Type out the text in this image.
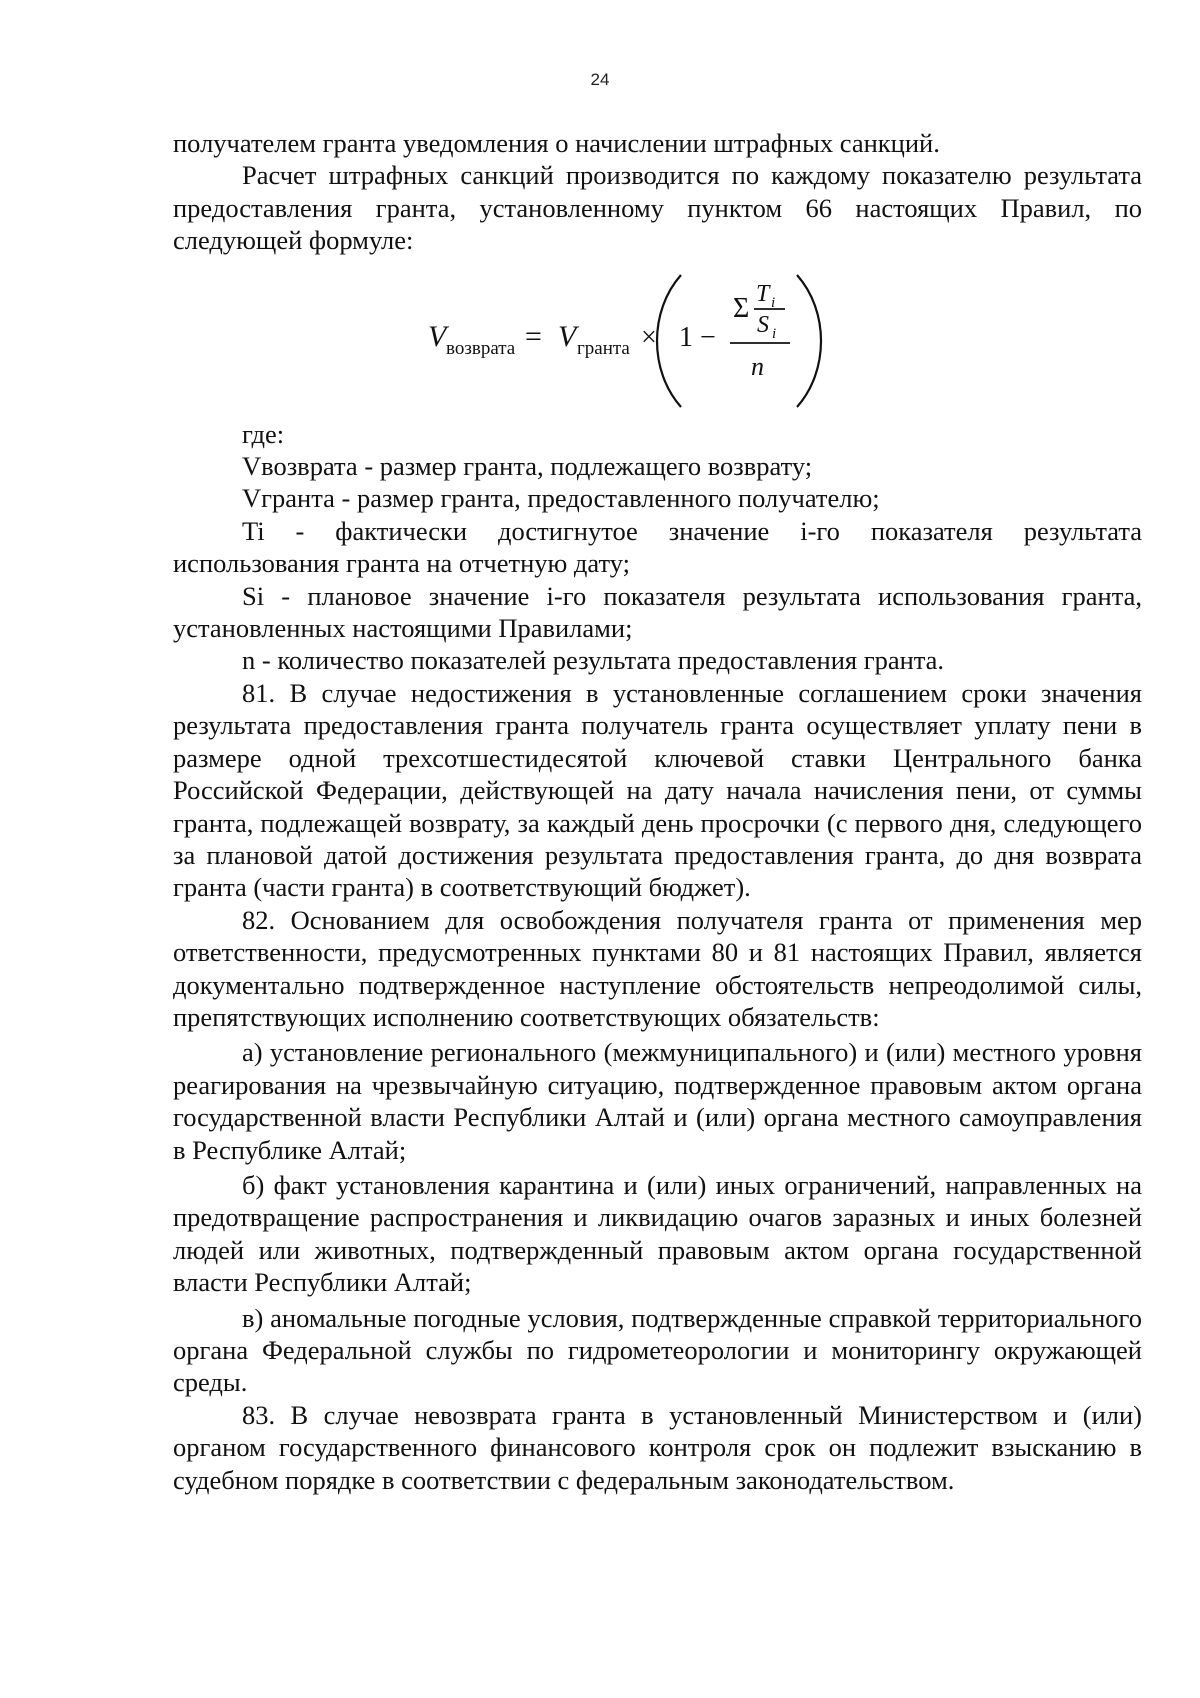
24

получателем гранта уведомления о начислении штрафных санкций.

Расчет штрафных санкций производится по каждому показателю результата предоставления гранта, установленному пунктом 66 настоящих Правил, по следующей формуле:

V возврата = V гранта × 1 −
Σ T i
S i
n

где:

Vвозврата - размер гранта, подлежащего возврату;

Vгранта - размер гранта, предоставленного получателю;

Ti - фактически достигнутое значение i-го показателя результата использования гранта на отчетную дату;

Si - плановое значение i-го показателя результата использования гранта, установленных настоящими Правилами;

n - количество показателей результата предоставления гранта.

81. В случае недостижения в установленные соглашением сроки значения результата предоставления гранта получатель гранта осуществляет уплату пени в размере одной трехсотшестидесятой ключевой ставки Центрального банка Российской Федерации, действующей на дату начала начисления пени, от суммы гранта, подлежащей возврату, за каждый день просрочки (с первого дня, следующего за плановой датой достижения результата предоставления гранта, до дня возврата гранта (части гранта) в соответствующий бюджет).

82. Основанием для освобождения получателя гранта от применения мер ответственности, предусмотренных пунктами 80 и 81 настоящих Правил, является документально подтвержденное наступление обстоятельств непреодолимой силы, препятствующих исполнению соответствующих обязательств:

а) установление регионального (межмуниципального) и (или) местного уровня реагирования на чрезвычайную ситуацию, подтвержденное правовым актом органа государственной власти Республики Алтай и (или) органа местного самоуправления в Республике Алтай;

б) факт установления карантина и (или) иных ограничений, направленных на предотвращение распространения и ликвидацию очагов заразных и иных болезней людей или животных, подтвержденный правовым актом органа государственной власти Республики Алтай;

в) аномальные погодные условия, подтвержденные справкой территориального органа Федеральной службы по гидрометеорологии и мониторингу окружающей среды.

83. В случае невозврата гранта в установленный Министерством и (или) органом государственного финансового контроля срок он подлежит взысканию в судебном порядке в соответствии с федеральным законодательством.
